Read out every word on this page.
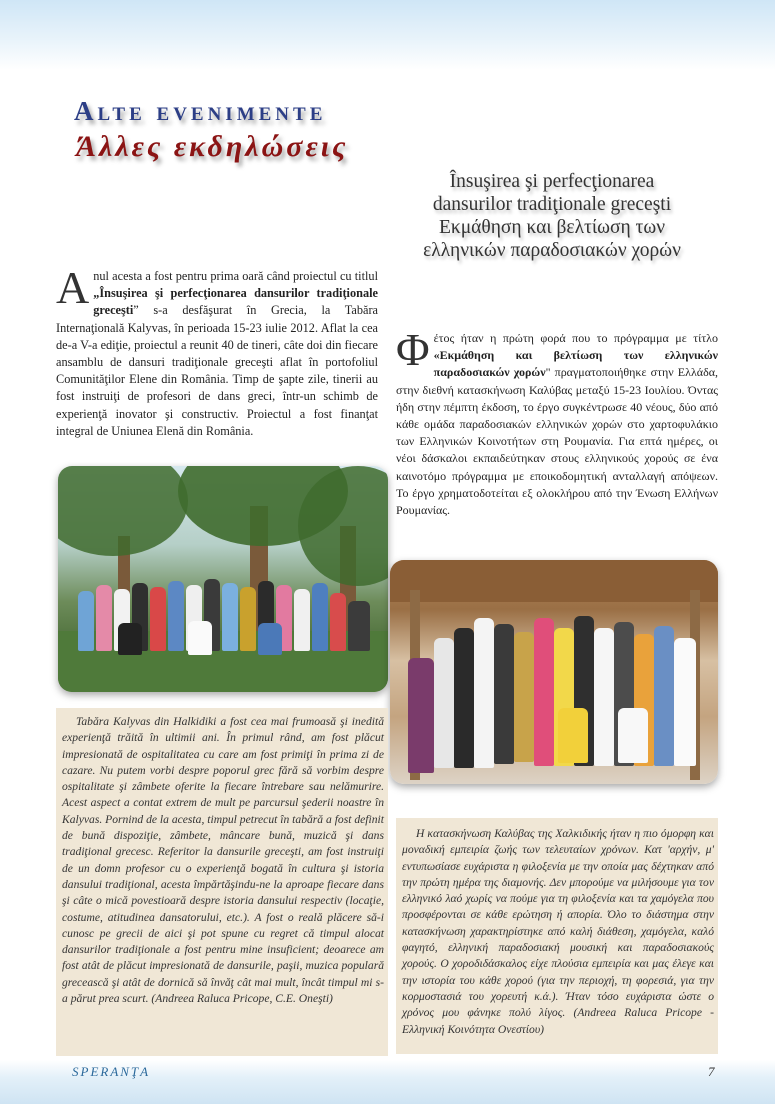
Alte evenimente
Άλλες εκδηλώσεις
Însuşirea şi perfecţionarea
dansurilor tradiţionale greceşti
Εκμάθηση και βελτίωση των
ελληνικών παραδοσιακών χορών
Anul acesta a fost pentru prima oară când proiectul cu titlul „Însuşirea şi perfecţionarea dansurilor tradiţionale greceşti” s-a desfăşurat în Grecia, la Tabăra Internaţională Kalyvas, în perioada 15-23 iulie 2012. Aflat la cea de-a V-a ediţie, proiectul a reunit 40 de tineri, câte doi din fiecare ansamblu de dansuri tradiţionale greceşti aflat în portofoliul Comunităţilor Elene din România. Timp de şapte zile, tinerii au fost instruiţi de profesori de dans greci, într-un schimb de experienţă inovator şi constructiv. Proiectul a fost finanţat integral de Uniunea Elenă din România.
Φέτος ήταν η πρώτη φορά που το πρόγραμμα με τίτλο «Εκμάθηση και βελτίωση των ελληνικών παραδοσιακών χορών" πραγματοποιήθηκε στην Ελλάδα, στην διεθνή κατασκήνωση Καλύβας μεταξύ 15-23 Ιουλίου. Όντας ήδη στην πέμπτη έκδοση, το έργο συγκέντρωσε 40 νέους, δύο από κάθε ομάδα παραδοσιακών ελληνικών χορών στο χαρτοφυλάκιο των Ελληνικών Κοινοτήτων στη Ρουμανία. Για επτά ημέρες, οι νέοι δάσκαλοι εκπαιδεύτηκαν στους ελληνικούς χορούς σε ένα καινοτόμο πρόγραμμα με εποικοδομητική ανταλλαγή απόψεων. Το έργο χρηματοδοτείται εξ ολοκλήρου από την Ένωση Ελλήνων Ρουμανίας.
Tabăra Kalyvas din Halkidiki a fost cea mai frumoasă şi inedită experienţă trăită în ultimii ani. În primul rând, am fost plăcut impresionată de ospitalitatea cu care am fost primiţi în prima zi de cazare. Nu putem vorbi despre poporul grec fără să vorbim despre ospitalitate şi zâmbete oferite la fiecare întrebare sau nelămurire. Acest aspect a contat extrem de mult pe parcursul şederii noastre în Kalyvas. Pornind de la acesta, timpul petrecut în tabără a fost definit de bună dispoziţie, zâmbete, mâncare bună, muzică şi dans tradiţional grecesc. Referitor la dansurile greceşti, am fost instruiţi de un domn profesor cu o experienţă bogată în cultura şi istoria dansului tradiţional, acesta împărtăşindu-ne la aproape fiecare dans şi câte o mică povestioară despre istoria dansului respectiv (locaţie, costume, atitudinea dansatorului, etc.). A fost o reală plăcere să-i cunosc pe grecii de aici şi pot spune cu regret că timpul alocat dansurilor tradiţionale a fost pentru mine insuficient; deoarece am fost atât de plăcut impresionată de dansurile, paşii, muzica populară grecească şi atât de dornică să învăţ cât mai mult, încât timpul mi s-a părut prea scurt. (Andreea Raluca Pricope, C.E. Oneşti)
Η κατασκήνωση Καλύβας της Χαλκιδικής ήταν η πιο όμορφη και μοναδική εμπειρία ζωής των τελευταίων χρόνων. Κατ 'αρχήν, μ' εντυπωσίασε ευχάριστα η φιλοξενία με την οποία μας δέχτηκαν από την πρώτη ημέρα της διαμονής. Δεν μπορούμε να μιλήσουμε για τον ελληνικό λαό χωρίς να πούμε για τη φιλοξενία και τα χαμόγελα που προσφέρονται σε κάθε ερώτηση ή απορία. Όλο το διάστημα στην κατασκήνωση χαρακτηρίστηκε από καλή διάθεση, χαμόγελα, καλό φαγητό, ελληνική παραδοσιακή μουσική και παραδοσιακούς χορούς. Ο χοροδιδάσκαλος είχε πλούσια εμπειρία και μας έλεγε και την ιστορία του κάθε χορού (για την περιοχή, τη φορεσιά, για την κορμοστασιά του χορευτή κ.ά.). Ήταν τόσο ευχάριστα ώστε ο χρόνος μου φάνηκε πολύ λίγος. (Andreea Raluca Pricope - Ελληνική Κοινότητα Ονεστίου)
SPERANŢA	7
